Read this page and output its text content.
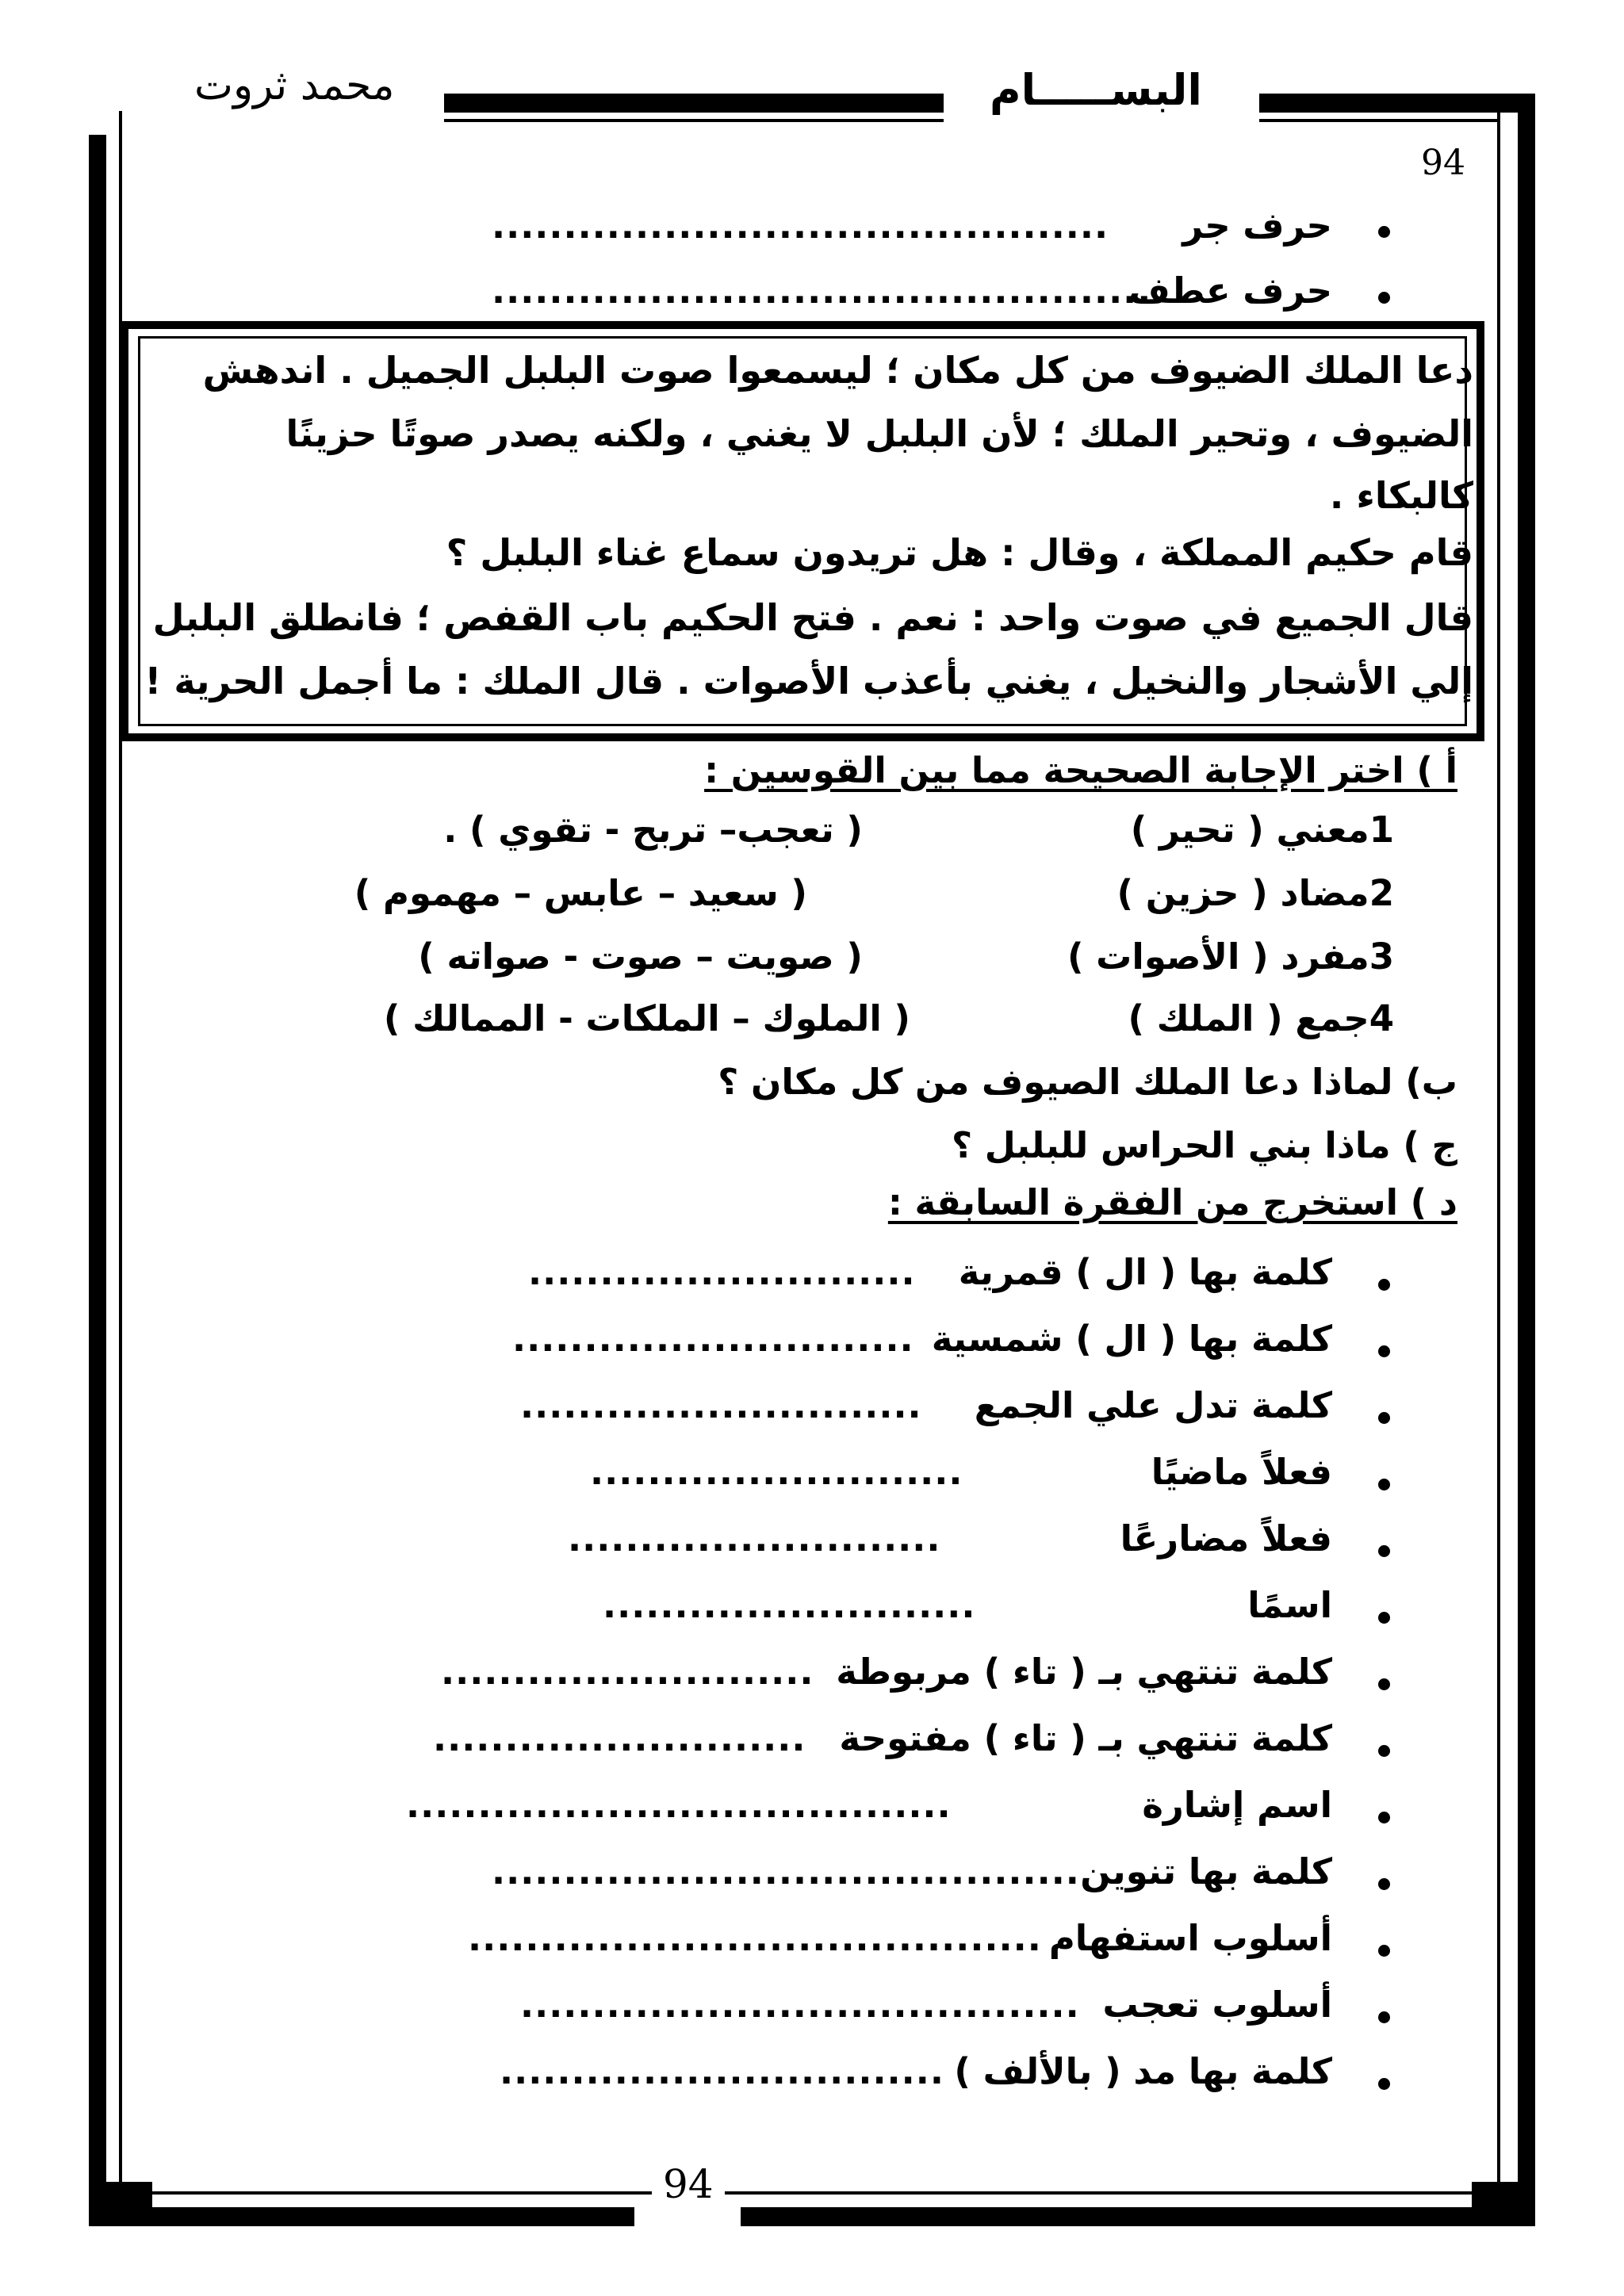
محمد ثروت	البســـــام
94
حرف جر
...........................................
حرف عطف
..............................................
دعا الملك الضيوف من كل مكان ؛ ليسمعوا صوت البلبل الجميل . اندهش
الضيوف ، وتحير الملك ؛ لأن البلبل لا يغني ، ولكنه يصدر صوتًا حزينًا
كالبكاء .
قام حكيم المملكة ، وقال : هل تريدون سماع غناء البلبل ؟
قال الجميع في صوت واحد : نعم . فتح الحكيم باب القفص ؛ فانطلق البلبل
إلي الأشجار والنخيل ، يغني بأعذب الأصوات . قال الملك : ما أجمل الحرية !
أ ) اختر الإجابة الصحيحة مما بين القوسين :
1معني ( تحير )
( تعجب– تربح - تقوي ) .
2مضاد ( حزين )
( سعيد – عابس – مهموم )
3مفرد ( الأصوات )
( صويت – صوت - صواته )
4جمع ( الملك )
( الملوك – الملكات - الممالك )
ب) لماذا دعا الملك الصيوف من كل مكان ؟
ج ) ماذا بني الحراس للبلبل ؟
د ) استخرج من الفقرة السابقة :
كلمة بها ( ال ) قمرية
...........................
كلمة بها ( ال ) شمسية
............................
كلمة تدل علي الجمع
............................
فعلاً ماضيًا
..........................
فعلاً مضارعًا
..........................
اسمًا
..........................
كلمة تنتهي بـ ( تاء ) مربوطة
..........................
كلمة تنتهي بـ ( تاء ) مفتوحة
..........................
اسم إشارة
......................................
كلمة بها تنوين
.........................................
أسلوب استفهام
........................................
أسلوب تعجب
.......................................
كلمة بها مد ( بالألف )
...............................
94
